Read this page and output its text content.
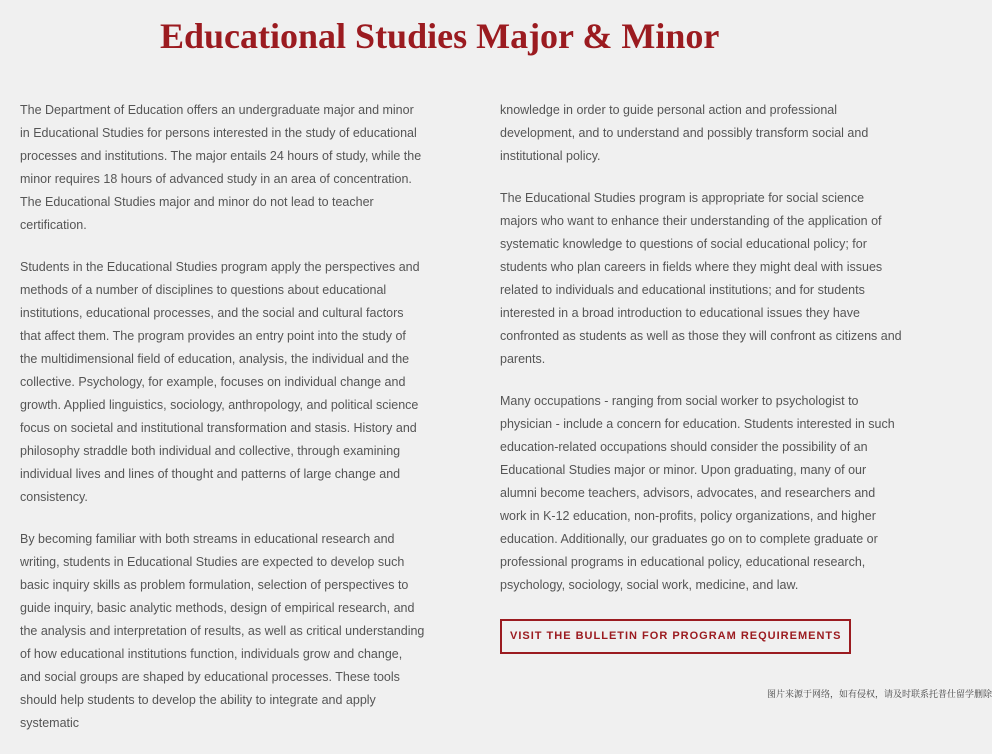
Educational Studies Major & Minor

The Department of Education offers an undergraduate major and minor in Educational Studies for persons interested in the study of educational processes and institutions. The major entails 24 hours of study, while the minor requires 18 hours of advanced study in an area of concentration. The Educational Studies major and minor do not lead to teacher certification.

Students in the Educational Studies program apply the perspectives and methods of a number of disciplines to questions about educational institutions, educational processes, and the social and cultural factors that affect them. The program provides an entry point into the study of the multidimensional field of education, analysis, the individual and the collective. Psychology, for example, focuses on individual change and growth. Applied linguistics, sociology, anthropology, and political science focus on societal and institutional transformation and stasis. History and philosophy straddle both individual and collective, through examining individual lives and lines of thought and patterns of large change and consistency.

By becoming familiar with both streams in educational research and writing, students in Educational Studies are expected to develop such basic inquiry skills as problem formulation, selection of perspectives to guide inquiry, basic analytic methods, design of empirical research, and the analysis and interpretation of results, as well as critical understanding of how educational institutions function, individuals grow and change, and social groups are shaped by educational processes. These tools should help students to develop the ability to integrate and apply systematic

knowledge in order to guide personal action and professional development, and to understand and possibly transform social and institutional policy.

The Educational Studies program is appropriate for social science majors who want to enhance their understanding of the application of systematic knowledge to questions of social educational policy; for students who plan careers in fields where they might deal with issues related to individuals and educational institutions; and for students interested in a broad introduction to educational issues they have confronted as students as well as those they will confront as citizens and parents.

Many occupations - ranging from social worker to psychologist to physician - include a concern for education. Students interested in such education-related occupations should consider the possibility of an Educational Studies major or minor. Upon graduating, many of our alumni become teachers, advisors, advocates, and researchers and work in K-12 education, non-profits, policy organizations, and higher education. Additionally, our graduates go on to complete graduate or professional programs in educational policy, educational research, psychology, sociology, social work, medicine, and law.

VISIT THE BULLETIN FOR PROGRAM REQUIREMENTS
图片来源于网络，如有侵权，请及时联系托普仕留学删除
